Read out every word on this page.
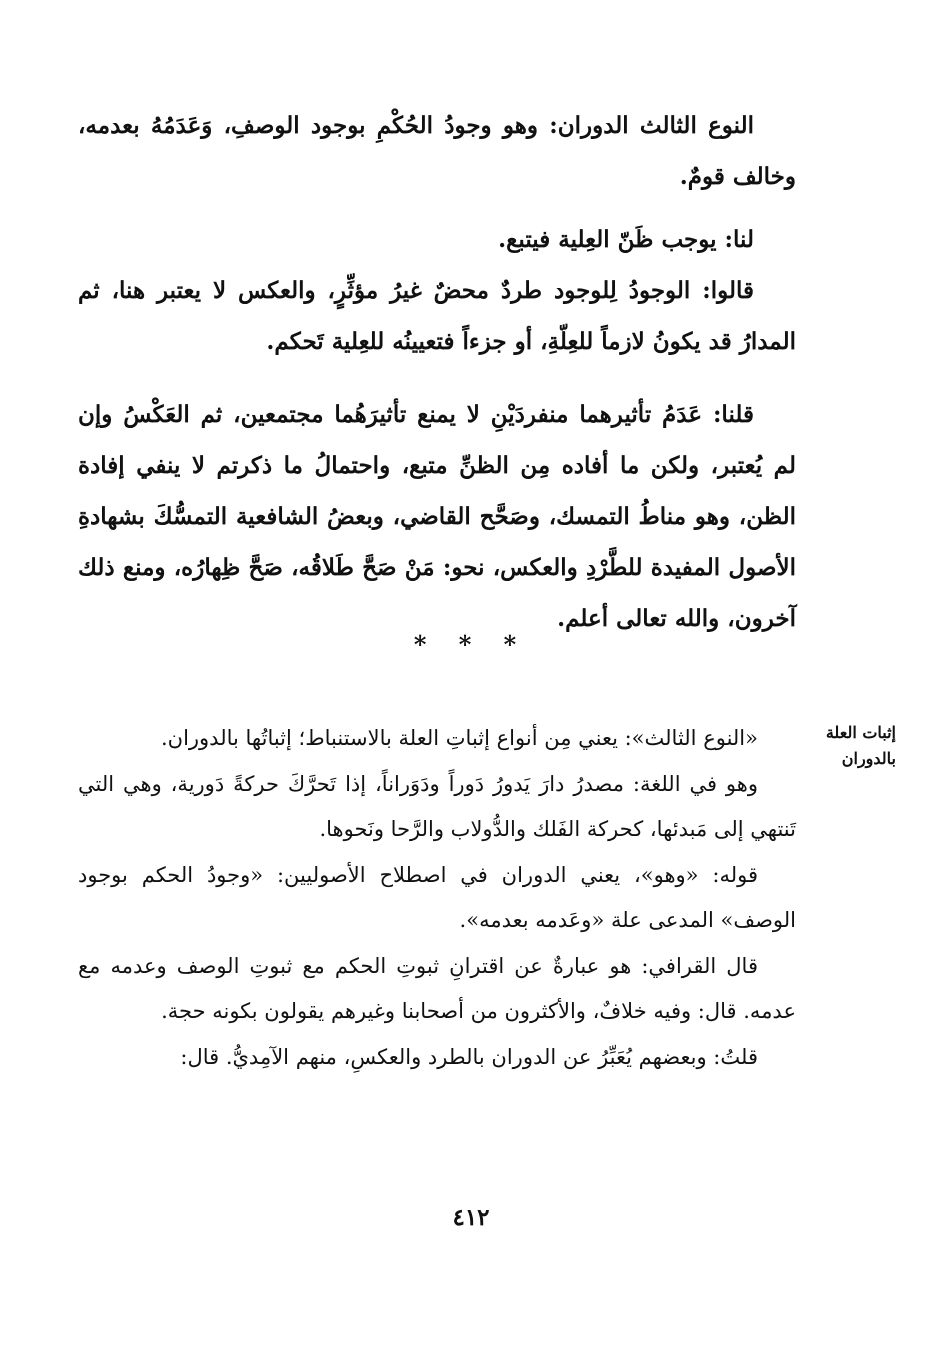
النوع الثالث الدوران: وهو وجودُ الحُكْمِ بوجود الوصفِ، وَعَدَمُهُ بعدمه، وخالف قومٌ.

لنا: يوجب ظَنّ العِلية فيتبع.

قالوا: الوجودُ لِلوجود طردٌ محضٌ غيرُ مؤثِّرٍ، والعكس لا يعتبر هنا، ثم المدارُ قد يكونُ لازماً للعِلّةِ، أو جزءاً فتعيينُه للعِلية تَحكم.

قلنا: عَدَمُ تأثيرهما منفردَيْنِ لا يمنع تأثيرَهُما مجتمعين، ثم العَكْسُ وإن لم يُعتبر، ولكن ما أفاده مِن الظنِّ متبع، واحتمالُ ما ذكرتم لا ينفي إفادة الظن، وهو مناطُ التمسك، وصَحَّح القاضي، وبعضُ الشافعية التمسُّكَ بشهادةِ الأصول المفيدة للطَّرْدِ والعكس، نحو: مَنْ صَحَّ طَلاقُه، صَحَّ ظِهارُه، ومنع ذلك آخرون، والله تعالى أعلم.

* * *
إثبات العلة
بالدوران

«النوع الثالث»: يعني مِن أنواع إثباتِ العلة بالاستنباط؛ إثباتُها بالدوران.

وهو في اللغة: مصدرُ دارَ يَدورُ دَوراً ودَوَراناً، إذا تَحرَّكَ حركةً دَورية، وهي التي تَنتهي إلى مَبدئها، كحركة الفَلك والدُّولاب والرَّحا ونَحوها.

قوله: «وهو»، يعني الدوران في اصطلاح الأصوليين: «وجودُ الحكم بوجود الوصف» المدعى علة «وعَدمه بعدمه».

قال القرافي: هو عبارةٌ عن اقترانِ ثبوتِ الحكم مع ثبوتِ الوصف وعدمه مع عدمه. قال: وفيه خلافٌ، والأكثرون من أصحابنا وغيرهم يقولون بكونه حجة.

قلتُ: وبعضهم يُعَبِّرُ عن الدوران بالطرد والعكسِ، منهم الآمِديُّ. قال:

٤١٢
